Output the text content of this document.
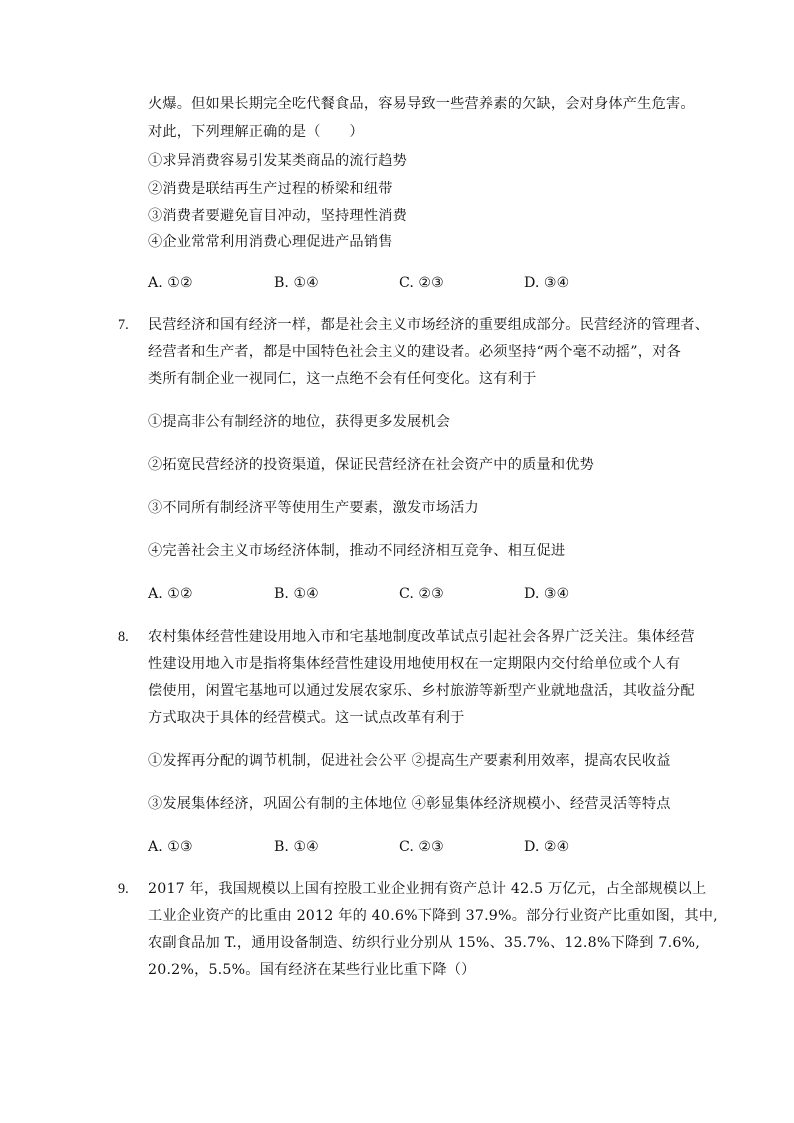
火爆。但如果长期完全吃代餐食品，容易导致一些营养素的欠缺，会对身体产生危害。
对此，下列理解正确的是（　　）
①求异消费容易引发某类商品的流行趋势
②消费是联结再生产过程的桥梁和纽带
③消费者要避免盲目冲动，坚持理性消费
④企业常常利用消费心理促进产品销售
A. ①②	B. ①④	C. ②③	D. ③④
7. 民营经济和国有经济一样，都是社会主义市场经济的重要组成部分。民营经济的管理者、
经营者和生产者，都是中国特色社会主义的建设者。必须坚持“两个毫不动摇”，对各
类所有制企业一视同仁，这一点绝不会有任何变化。这有利于
①提高非公有制经济的地位，获得更多发展机会
②拓宽民营经济的投资渠道，保证民营经济在社会资产中的质量和优势
③不同所有制经济平等使用生产要素，激发市场活力
④完善社会主义市场经济体制，推动不同经济相互竞争、相互促进
A. ①②	B. ①④	C. ②③	D. ③④
8. 农村集体经营性建设用地入市和宅基地制度改革试点引起社会各界广泛关注。集体经营
性建设用地入市是指将集体经营性建设用地使用权在一定期限内交付给单位或个人有
偿使用，闲置宅基地可以通过发展农家乐、乡村旅游等新型产业就地盘活，其收益分配
方式取决于具体的经营模式。这一试点改革有利于
①发挥再分配的调节机制，促进社会公平 ②提高生产要素利用效率，提高农民收益
③发展集体经济，巩固公有制的主体地位 ④彰显集体经济规模小、经营灵活等特点
A. ①③	B. ①④	C. ②③	D. ②④
9. 2017 年，我国规模以上国有控股工业企业拥有资产总计 42.5 万亿元，占全部规模以上
工业企业资产的比重由 2012 年的 40.6%下降到 37.9%。部分行业资产比重如图，其中,
农副食品加 T.，通用设备制造、纺织行业分别从 15%、35.7%、12.8%下降到 7.6%,
20.2%，5.5%。国有经济在某些行业比重下降（）
